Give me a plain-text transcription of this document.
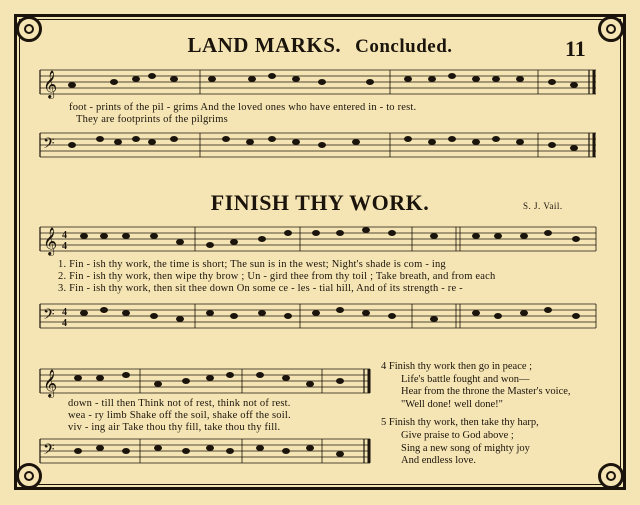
LAND MARKS. Concluded.	11
𝄞
foot - prints of the pil - grims And the loved ones who have entered in - to rest.
They are footprints of the pilgrims
𝄢
FINISH THY WORK.	S. J. Vail.
𝄞 4
4
1. Fin - ish thy work, the time is short; The sun is in the west; Night's shade is com - ing
2. Fin - ish thy work, then wipe thy brow ; Un - gird thee from thy toil ; Take breath, and from each
3. Fin - ish thy work, then sit thee down On some ce - les - tial hill, And of its strength - re -
𝄢 4
4
𝄞
down - till then Think not of rest, think not of rest.
wea - ry limb Shake off the soil, shake off the soil.
viv - ing air Take thou thy fill, take thou thy fill.
𝄢
4 Finish thy work then go in peace ;
Life's battle fought and won—
Hear from the throne the Master's voice,
"Well done! well done!"
5 Finish thy work, then take thy harp,
Give praise to God above ;
Sing a new song of mighty joy
And endless love.
